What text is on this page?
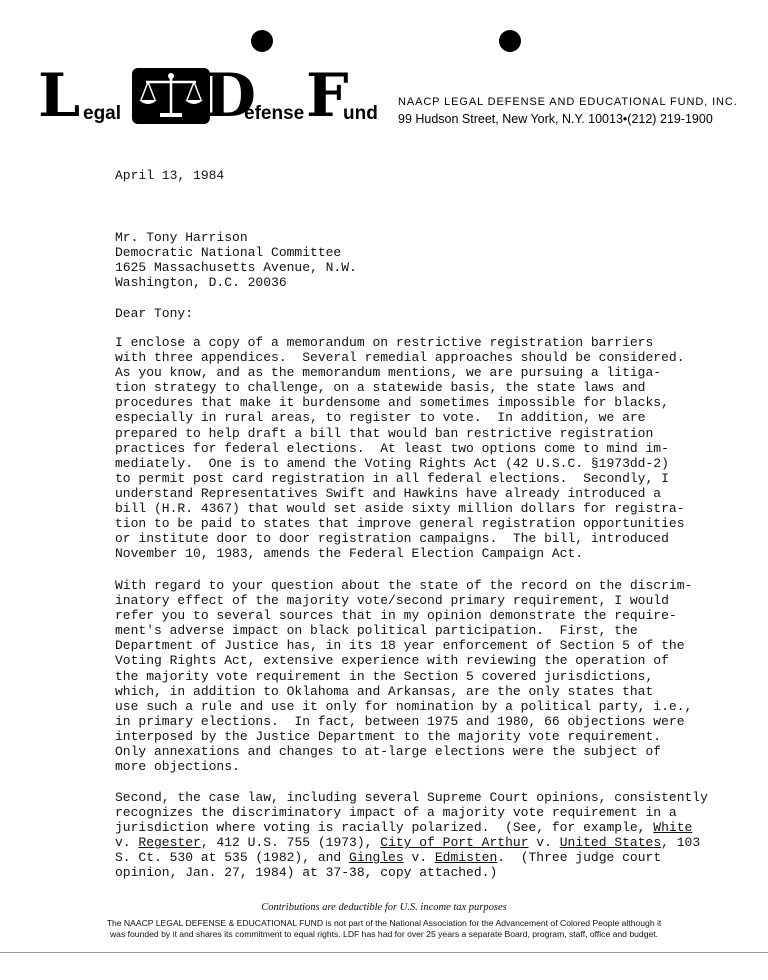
L egal D
efense F
und
NAACP LEGAL DEFENSE AND EDUCATIONAL FUND, INC.
99 Hudson Street, New York, N.Y. 10013•(212) 219-1900
April 13, 1984
Mr. Tony Harrison
Democratic National Committee
1625 Massachusetts Avenue, N.W.
Washington, D.C. 20036
Dear Tony:
I enclose a copy of a memorandum on restrictive registration barriers
with three appendices.  Several remedial approaches should be considered.
As you know, and as the memorandum mentions, we are pursuing a litiga-
tion strategy to challenge, on a statewide basis, the state laws and
procedures that make it burdensome and sometimes impossible for blacks,
especially in rural areas, to register to vote.  In addition, we are
prepared to help draft a bill that would ban restrictive registration
practices for federal elections.  At least two options come to mind im-
mediately.  One is to amend the Voting Rights Act (42 U.S.C. §1973dd-2)
to permit post card registration in all federal elections.  Secondly, I
understand Representatives Swift and Hawkins have already introduced a
bill (H.R. 4367) that would set aside sixty million dollars for registra-
tion to be paid to states that improve general registration opportunities
or institute door to door registration campaigns.  The bill, introduced
November 10, 1983, amends the Federal Election Campaign Act.
With regard to your question about the state of the record on the discrim-
inatory effect of the majority vote/second primary requirement, I would
refer you to several sources that in my opinion demonstrate the require-
ment's adverse impact on black political participation.  First, the
Department of Justice has, in its 18 year enforcement of Section 5 of the
Voting Rights Act, extensive experience with reviewing the operation of
the majority vote requirement in the Section 5 covered jurisdictions,
which, in addition to Oklahoma and Arkansas, are the only states that
use such a rule and use it only for nomination by a political party, i.e.,
in primary elections.  In fact, between 1975 and 1980, 66 objections were
interposed by the Justice Department to the majority vote requirement.
Only annexations and changes to at-large elections were the subject of
more objections.
Second, the case law, including several Supreme Court opinions, consistently
recognizes the discriminatory impact of a majority vote requirement in a
jurisdiction where voting is racially polarized.  (See, for example, White
v. Regester, 412 U.S. 755 (1973), City of Port Arthur v. United States, 103
S. Ct. 530 at 535 (1982), and Gingles v. Edmisten.  (Three judge court
opinion, Jan. 27, 1984) at 37-38, copy attached.)
Contributions are deductible for U.S. income tax purposes
The NAACP LEGAL DEFENSE & EDUCATIONAL FUND is not part of the National Association for the Advancement of Colored People although it
was founded by it and shares its commitment to equal rights. LDF has had for over 25 years a separate Board, program, staff, office and budget.
